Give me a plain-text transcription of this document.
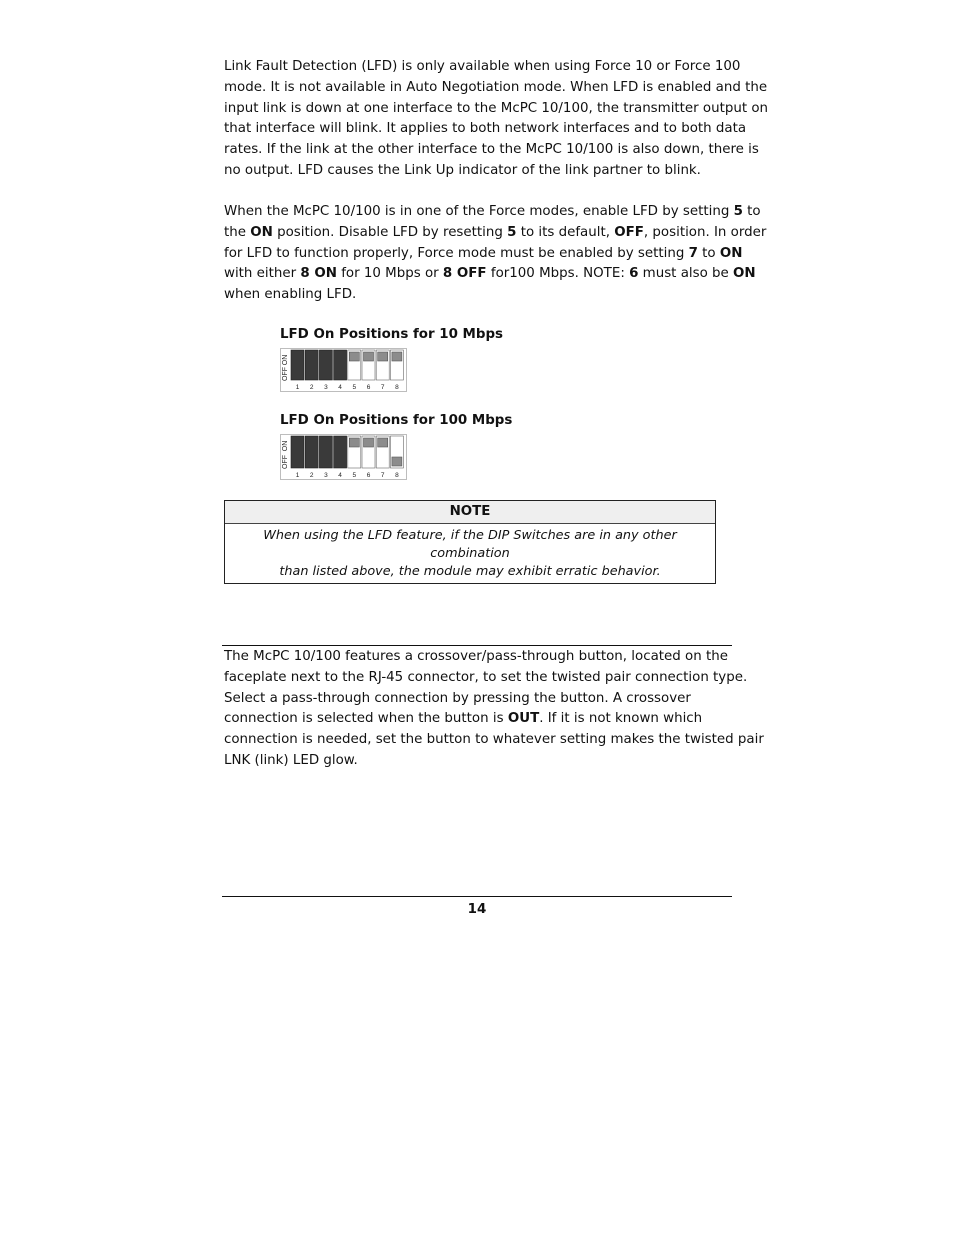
Link Fault Detection (LFD) is only available when using Force 10 or Force 100
mode. It is not available in Auto Negotiation mode. When LFD is enabled and the
input link is down at one interface to the McPC 10/100, the transmitter output on
that interface will blink. It applies to both network interfaces and to both data
rates. If the link at the other interface to the McPC 10/100 is also down, there is
no output. LFD causes the Link Up indicator of the link partner to blink.

When the McPC 10/100 is in one of the Force modes, enable LFD by setting 5 to
the ON position. Disable LFD by resetting 5 to its default, OFF, position. In order
for LFD to function properly, Force mode must be enabled by setting 7 to ON
with either 8 ON for 10 Mbps or 8 OFF for100 Mbps. NOTE: 6 must also be ON
when enabling LFD.

LFD On Positions for 10 Mbps
ON
OFF
1 2 3 4 5 6 7 8
LFD On Positions for 100 Mbps
ON
OFF
1 2 3 4 5 6 7 8
NOTE
When using the LFD feature, if the DIP Switches are in any other combination
than listed above, the module may exhibit erratic behavior.

The McPC 10/100 features a crossover/pass-through button, located on the
faceplate next to the RJ-45 connector, to set the twisted pair connection type.
Select a pass-through connection by pressing the button. A crossover
connection is selected when the button is OUT. If it is not known which
connection is needed, set the button to whatever setting makes the twisted pair
LNK (link) LED glow.

14
